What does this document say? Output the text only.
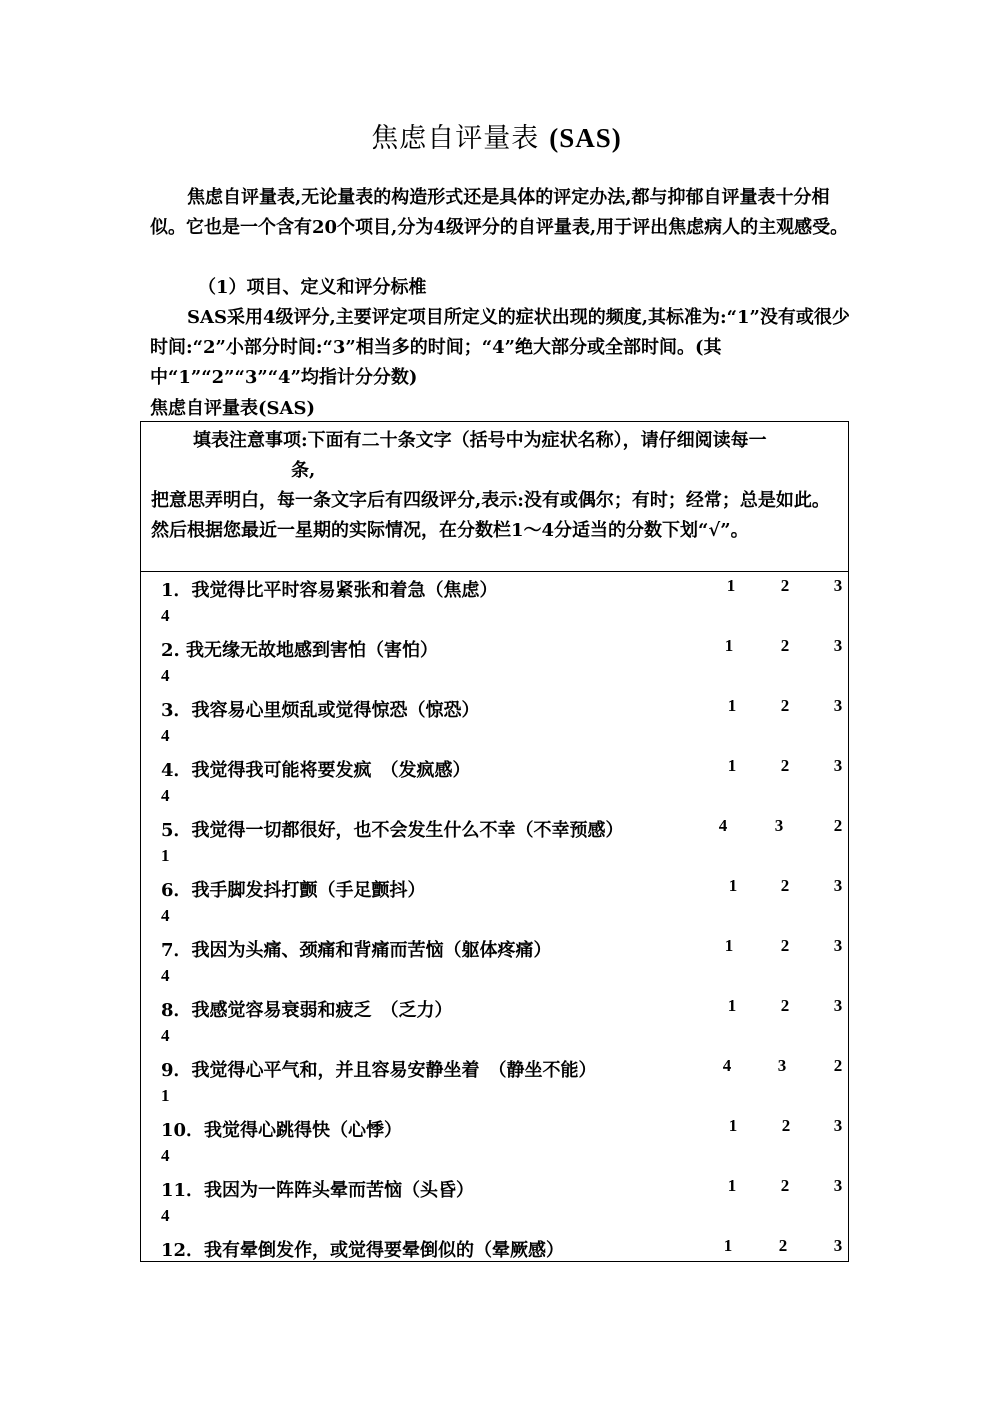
焦虑自评量表 (SAS)
焦虑自评量表,无论量表的构造形式还是具体的评定办法,都与抑郁自评量表十分相似。它也是一个含有20个项目,分为4级评分的自评量表,用于评出焦虑病人的主观感受。
（1）项目、定义和评分标椎
SAS采用4级评分,主要评定项目所定义的症状出现的频度,其标准为:“1”没有或很少时间:“2”小部分时间:“3”相当多的时间；“4”绝大部分或全部时间。(其中“1”“2”“3”“4”均指计分分数)
焦虑自评量表(SAS)
填表注意事项:下面有二十条文字（括号中为症状名称），请仔细阅读每一
条,
把意思弄明白，每一条文字后有四级评分,表示:没有或偶尔；有时；经常；总是如此。然后根据您最近一星期的实际情况，在分数栏1～4分适当的分数下划“√”。
1．我觉得比平时容易紧张和着急（焦虑）	1	2	3
4
2. 我无缘无故地感到害怕（害怕）	1	2	3
4
3．我容易心里烦乱或觉得惊恐（惊恐）	1	2	3
4
4．我觉得我可能将要发疯　（发疯感）	1	2	3
4
5．我觉得一切都很好，也不会发生什么不幸（不幸预感）	4	3	2
1
6．我手脚发抖打颤（手足颤抖）	1	2	3
4
7．我因为头痛、颈痛和背痛而苦恼（躯体疼痛）	1	2	3
4
8．我感觉容易衰弱和疲乏　（乏力）	1	2	3
4
9．我觉得心平气和，并且容易安静坐着　（静坐不能）	4	3	2
1
10．我觉得心跳得快（心悸）	1	2	3
4
11．我因为一阵阵头晕而苦恼（头昏）	1	2	3
4
12．我有晕倒发作，或觉得要晕倒似的（晕厥感）	1	2	3
